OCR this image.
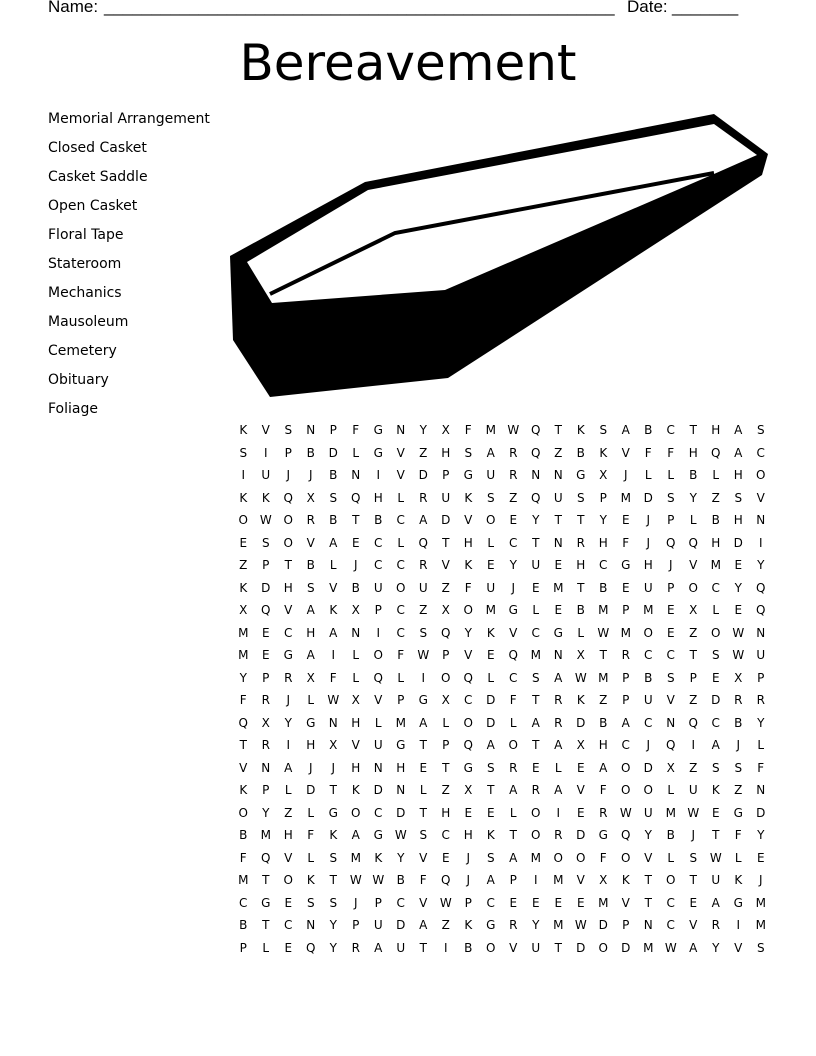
Name: ______________________________________________________ Date: _______
Bereavement
Memorial Arrangement
Closed Casket
Casket Saddle
Open Casket
Floral Tape
Stateroom
Mechanics
Mausoleum
Cemetery
Obituary
Foliage
K	V	S	N	P	F	G	N	Y	X	F	M W Q	T	K	S	A	B	C	T	H	A	S
S	I	P	B	D	L	G	V	Z	H	S	A	R	Q	Z	B	K	V	F	F	H	Q	A	C
I	U	J	J	B	N	I	V	D	P	G	U	R	N	N	G	X	J	L	L	B	L	H	O
K	K	Q	X	S	Q	H	L	R	U	K	S	Z	Q	U	S	P	M	D	S	Y	Z	S	V
O W O	R	B	T	B	C	A	D	V	O	E	Y	T	T	Y	E	J	P	L	B	H	N
E	S	O	V	A	E	C	L	Q	T	H	L	C	T	N	R	H	F	J	Q	Q	H	D	I
Z	P	T	B	L	J	C	C	R	V	K	E	Y	U	E	H	C	G	H	J	V	M	E	Y
K	D	H	S	V	B	U	O	U	Z	F	U	J	E	M	T	B	E	U	P	O	C	Y	Q
X	Q	V	A	K	X	P	C	Z	X	O	M	G	L	E	B	M	P	M	E	X	L	E	Q
M	E	C	H	A	N	I	C	S	Q	Y	K	V	C	G	L	W M	O	E	Z	O W	N
M	E	G	A	I	L	O	F	W	P	V	E	Q	M	N	X	T	R	C	C	T	S	W	U
Y	P	R	X	F	L	Q	L	I	O	Q	L	C	S	A	W M	P	B	S	P	E	X	P
F	R	J	L	W	X	V	P	G	X	C	D	F	T	R	K	Z	P	U	V	Z	D	R	R
Q	X	Y	G	N	H	L	M	A	L	O	D	L	A	R	D	B	A	C	N	Q	C	B	Y
T	R	I	H	X	V	U	G	T	P	Q	A	O	T	A	X	H	C	J	Q	I	A	J	L
V	N	A	J	J	H	N	H	E	T	G	S	R	E	L	E	A	O	D	X	Z	S	S	F
K	P	L	D	T	K	D	N	L	Z	X	T	A	R	A	V	F	O	O	L	U	K	Z	N
O	Y	Z	L	G	O	C	D	T	H	E	E	L	O	I	E	R	W	U	M W	E	G	D
B	M	H	F	K	A	G W	S	C	H	K	T	O	R	D	G	Q	Y	B	J	T	F	Y
F	Q	V	L	S	M	K	Y	V	E	J	S	A	M	O	O	F	O	V	L	S	W	L	E
M	T	O	K	T	W W	B	F	Q	J	A	P	I	M	V	X	K	T	O	T	U	K	J
C	G	E	S	S	J	P	C	V	W	P	C	E	E	E	E	M	V	T	C	E	A	G	M
B	T	C	N	Y	P	U	D	A	Z	K	G	R	Y	M W D	P	N	C	V	R	I	M
P	L	E	Q	Y	R	A	U	T	I	B	O	V	U	T	D	O	D	M W	A	Y	V	S
